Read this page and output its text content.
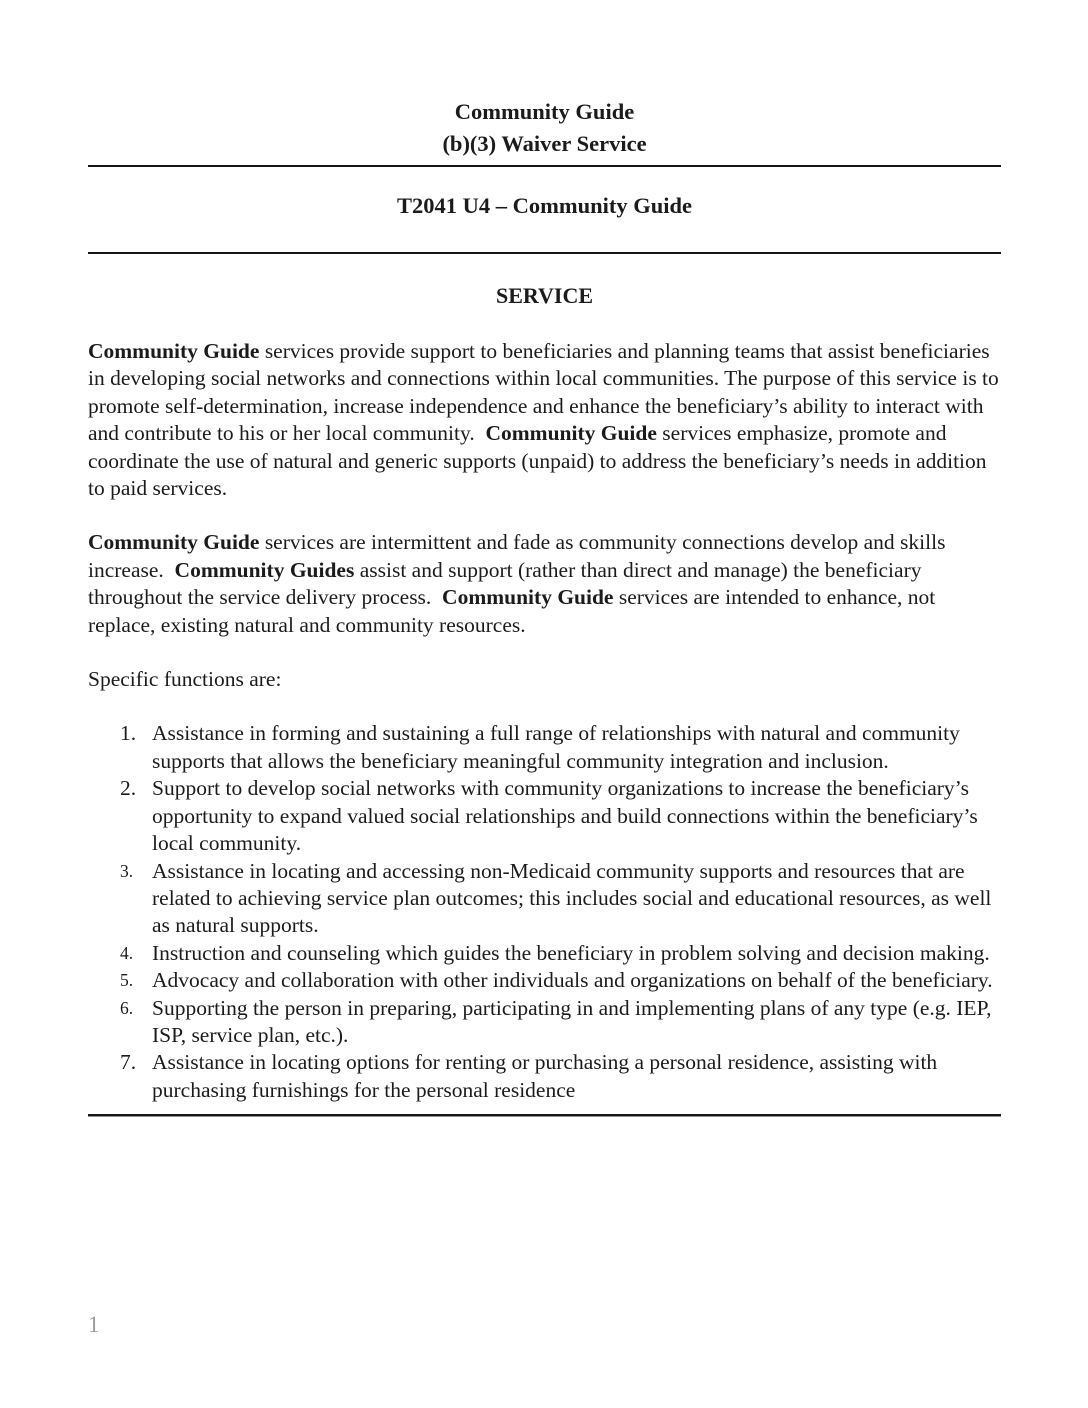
Community Guide
(b)(3) Waiver Service
T2041 U4 – Community Guide
SERVICE

Community Guide services provide support to beneficiaries and planning teams that assist beneficiaries in developing social networks and connections within local communities. The purpose of this service is to promote self-determination, increase independence and enhance the beneficiary’s ability to interact with and contribute to his or her local community.  Community Guide services emphasize, promote and coordinate the use of natural and generic supports (unpaid) to address the beneficiary’s needs in addition to paid services.

Community Guide services are intermittent and fade as community connections develop and skills increase.  Community Guides assist and support (rather than direct and manage) the beneficiary throughout the service delivery process.  Community Guide services are intended to enhance, not replace, existing natural and community resources.

Specific functions are:

1. Assistance in forming and sustaining a full range of relationships with natural and community supports that allows the beneficiary meaningful community integration and inclusion.
2. Support to develop social networks with community organizations to increase the beneficiary’s opportunity to expand valued social relationships and build connections within the beneficiary’s local community.
3. Assistance in locating and accessing non-Medicaid community supports and resources that are related to achieving service plan outcomes; this includes social and educational resources, as well as natural supports.
4. Instruction and counseling which guides the beneficiary in problem solving and decision making.
5. Advocacy and collaboration with other individuals and organizations on behalf of the beneficiary.
6. Supporting the person in preparing, participating in and implementing plans of any type (e.g. IEP, ISP, service plan, etc.).
7. Assistance in locating options for renting or purchasing a personal residence, assisting with purchasing furnishings for the personal residence
1
